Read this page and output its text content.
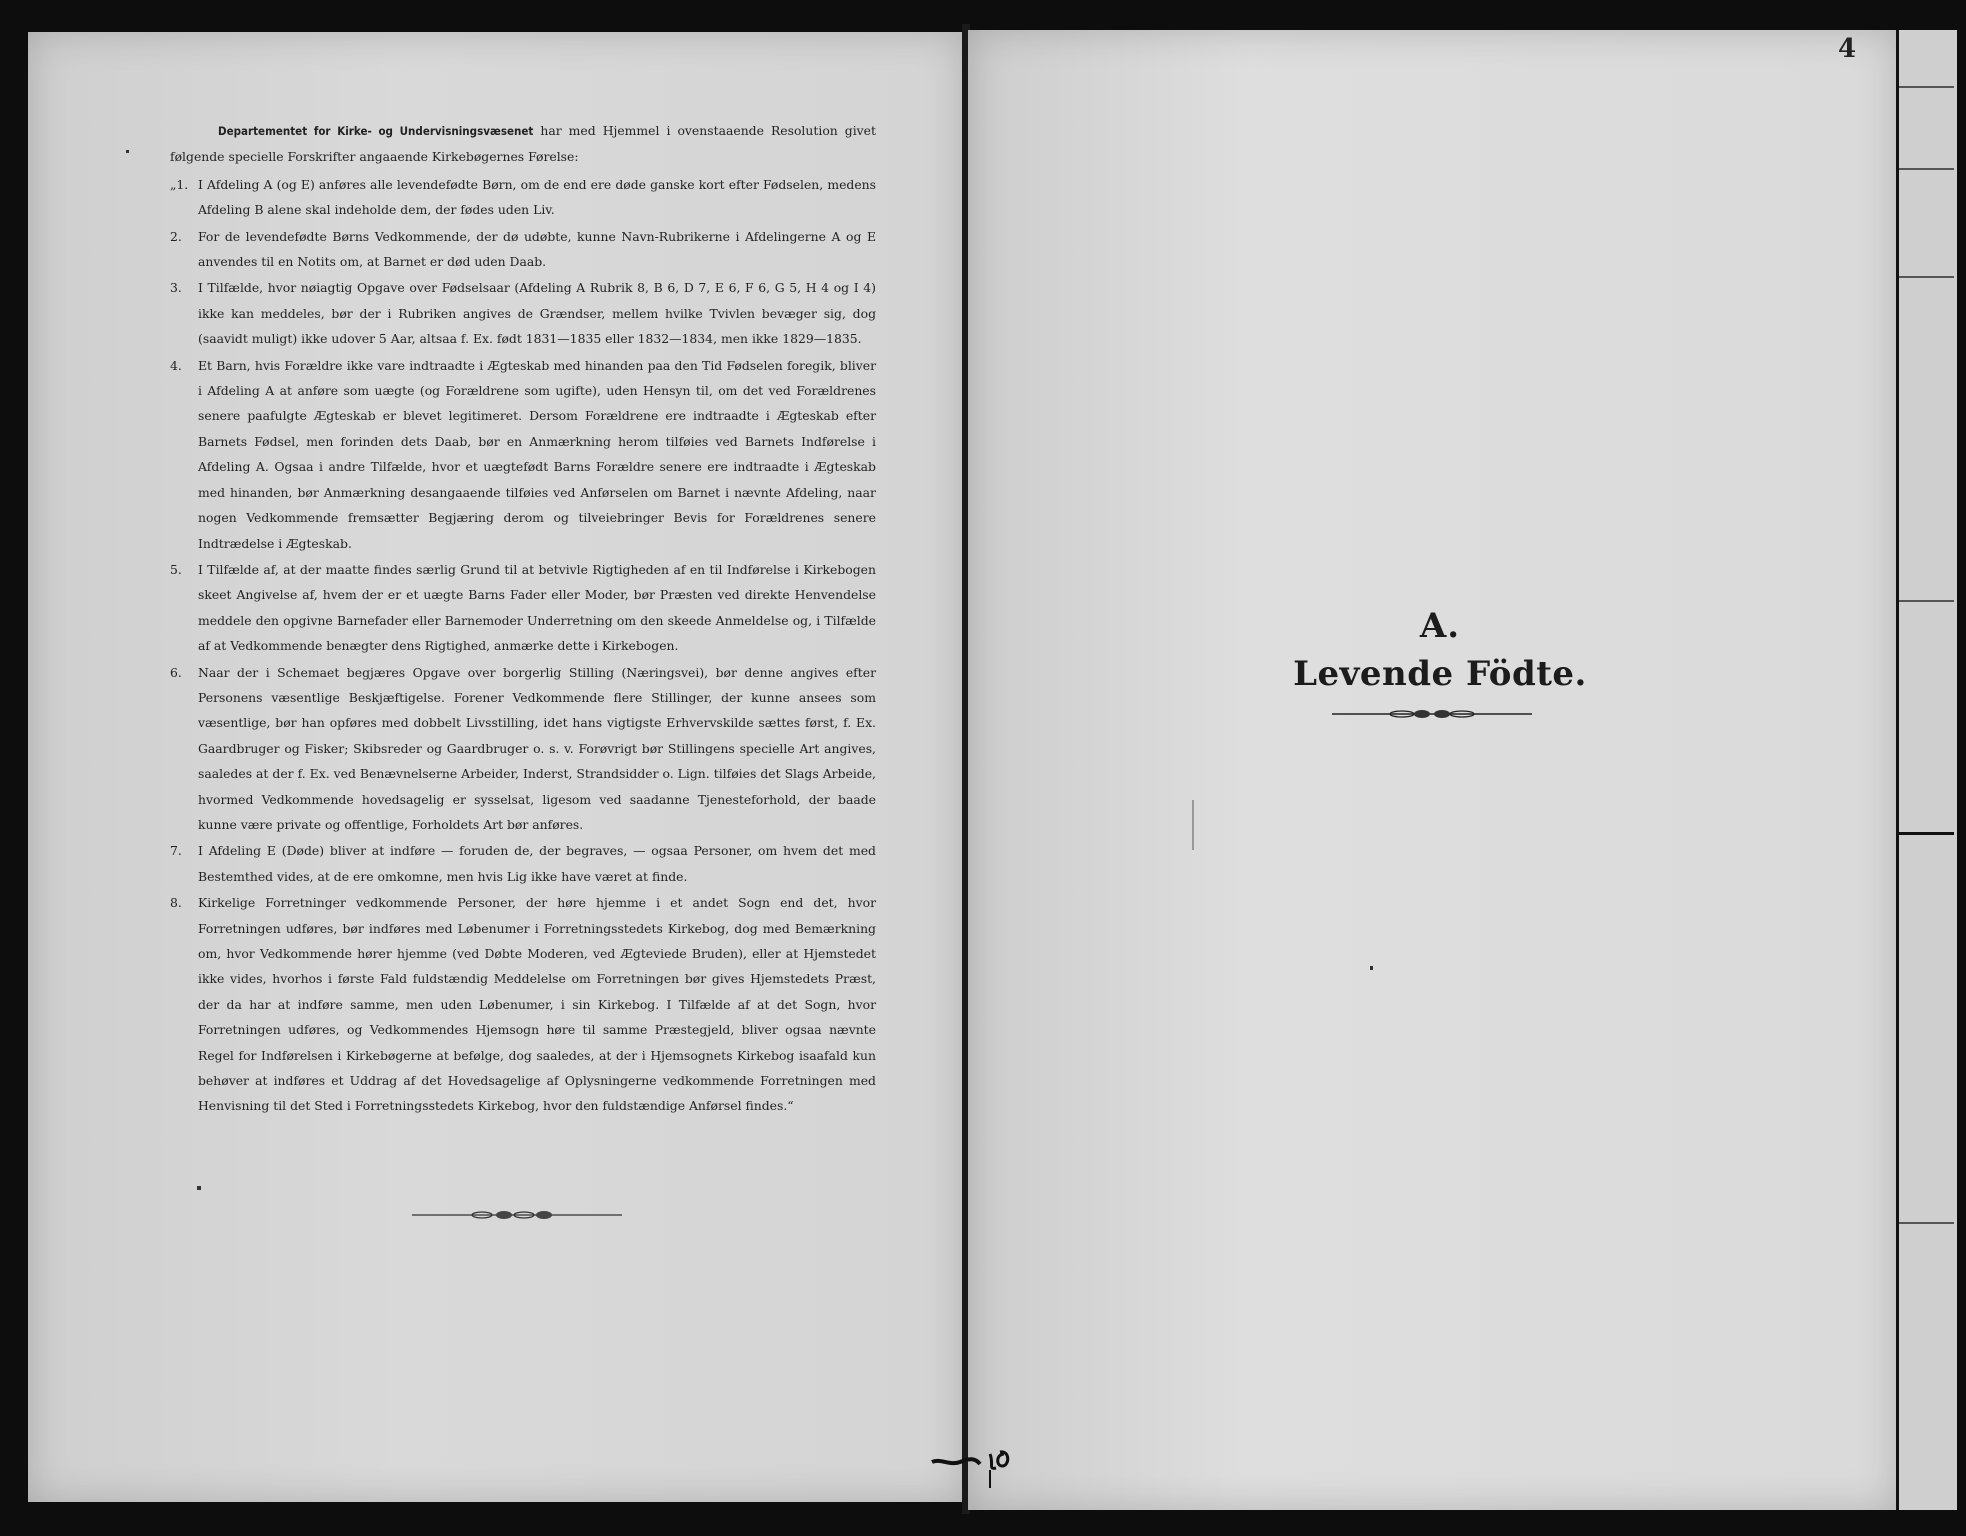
4

Departementet for Kirke- og Undervisningsvæsenet har med Hjemmel i ovenstaaende Resolution givet følgende specielle Forskrifter angaaende Kirkebøgernes Førelse:

„1. I Afdeling A (og E) anføres alle levendefødte Børn, om de end ere døde ganske kort efter Fødselen, medens Afdeling B alene skal indeholde dem, der fødes uden Liv.
2. For de levendefødte Børns Vedkommende, der dø udøbte, kunne Navn-Rubrikerne i Afdelingerne A og E anvendes til en Notits om, at Barnet er død uden Daab.
3. I Tilfælde, hvor nøiagtig Opgave over Fødselsaar (Afdeling A Rubrik 8, B 6, D 7, E 6, F 6, G 5, H 4 og I 4) ikke kan meddeles, bør der i Rubriken angives de Grændser, mellem hvilke Tvivlen bevæger sig, dog (saavidt muligt) ikke udover 5 Aar, altsaa f. Ex. født 1831—1835 eller 1832—1834, men ikke 1829—1835.
4. Et Barn, hvis Forældre ikke vare indtraadte i Ægteskab med hinanden paa den Tid Fødselen foregik, bliver i Afdeling A at anføre som uægte (og Forældrene som ugifte), uden Hensyn til, om det ved Forældrenes senere paafulgte Ægteskab er blevet legitimeret. Dersom Forældrene ere indtraadte i Ægteskab efter Barnets Fødsel, men forinden dets Daab, bør en Anmærkning herom tilføies ved Barnets Indførelse i Afdeling A. Ogsaa i andre Tilfælde, hvor et uægtefødt Barns Forældre senere ere indtraadte i Ægteskab med hinanden, bør Anmærkning desangaaende tilføies ved Anførselen om Barnet i nævnte Afdeling, naar nogen Vedkommende fremsætter Begjæring derom og tilveiebringer Bevis for Forældrenes senere Indtrædelse i Ægteskab.
5. I Tilfælde af, at der maatte findes særlig Grund til at betvivle Rigtigheden af en til Indførelse i Kirkebogen skeet Angivelse af, hvem der er et uægte Barns Fader eller Moder, bør Præsten ved direkte Henvendelse meddele den opgivne Barnefader eller Barnemoder Underretning om den skeede Anmeldelse og, i Tilfælde af at Vedkommende benægter dens Rigtighed, anmærke dette i Kirkebogen.
6. Naar der i Schemaet begjæres Opgave over borgerlig Stilling (Næringsvei), bør denne angives efter Personens væsentlige Beskjæftigelse. Forener Vedkommende flere Stillinger, der kunne ansees som væsentlige, bør han opføres med dobbelt Livsstilling, idet hans vigtigste Erhvervskilde sættes først, f. Ex. Gaardbruger og Fisker; Skibsreder og Gaardbruger o. s. v. Forøvrigt bør Stillingens specielle Art angives, saaledes at der f. Ex. ved Benævnelserne Arbeider, Inderst, Strandsidder o. Lign. tilføies det Slags Arbeide, hvormed Vedkommende hovedsagelig er sysselsat, ligesom ved saadanne Tjenesteforhold, der baade kunne være private og offentlige, Forholdets Art bør anføres.
7. I Afdeling E (Døde) bliver at indføre — foruden de, der begraves, — ogsaa Personer, om hvem det med Bestemthed vides, at de ere omkomne, men hvis Lig ikke have været at finde.
8. Kirkelige Forretninger vedkommende Personer, der høre hjemme i et andet Sogn end det, hvor Forretningen udføres, bør indføres med Løbenumer i Forretningsstedets Kirkebog, dog med Bemærkning om, hvor Vedkommende hører hjemme (ved Døbte Moderen, ved Ægteviede Bruden), eller at Hjemstedet ikke vides, hvorhos i første Fald fuldstændig Meddelelse om Forretningen bør gives Hjemstedets Præst, der da har at indføre samme, men uden Løbenumer, i sin Kirkebog. I Tilfælde af at det Sogn, hvor Forretningen udføres, og Vedkommendes Hjemsogn høre til samme Præstegjeld, bliver ogsaa nævnte Regel for Indførelsen i Kirkebøgerne at befølge, dog saaledes, at der i Hjemsognets Kirkebog isaafald kun behøver at indføres et Uddrag af det Hovedsagelige af Oplysningerne vedkommende Forretningen med Henvisning til det Sted i Forretningsstedets Kirkebog, hvor den fuldstændige Anførsel findes.“
A.
Levende Födte.
